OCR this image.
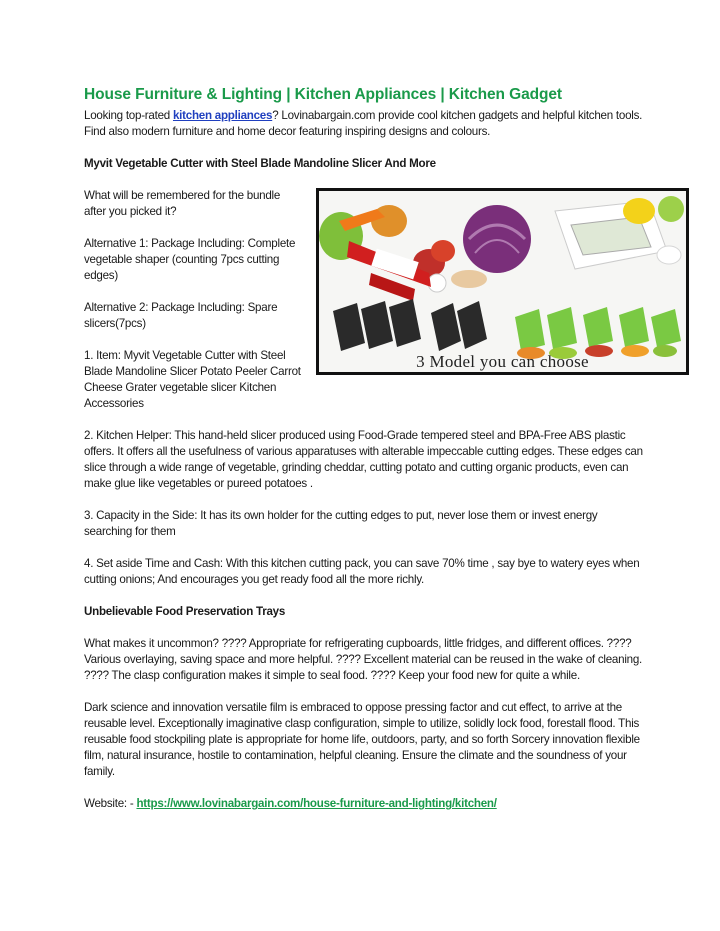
House Furniture & Lighting | Kitchen Appliances | Kitchen Gadget

Looking top-rated kitchen appliances? Lovinabargain.com provide cool kitchen gadgets and helpful kitchen tools. Find also modern furniture and home decor featuring inspiring designs and colours.

Myvit Vegetable Cutter with Steel Blade Mandoline Slicer And More

What will be remembered for the bundle after you picked it?

Alternative 1: Package Including: Complete vegetable shaper (counting 7pcs cutting edges)

Alternative 2: Package Including: Spare slicers(7pcs)

1. Item: Myvit Vegetable Cutter with Steel Blade Mandoline Slicer Potato Peeler Carrot Cheese Grater vegetable slicer Kitchen Accessories

3 Model you can choose

2. Kitchen Helper: This hand-held slicer produced using Food-Grade tempered steel and BPA-Free ABS plastic offers. It offers all the usefulness of various apparatuses with alterable impeccable cutting edges. These edges can slice through a wide range of vegetable, grinding cheddar, cutting potato and cutting organic products, even can make glue like vegetables or pureed potatoes .

3. Capacity in the Side: It has its own holder for the cutting edges to put, never lose them or invest energy searching for them

4. Set aside Time and Cash: With this kitchen cutting pack, you can save 70% time , say bye to watery eyes when cutting onions; And encourages you get ready food all the more richly.

Unbelievable Food Preservation Trays

What makes it uncommon? ???? Appropriate for refrigerating cupboards, little fridges, and different offices. ???? Various overlaying, saving space and more helpful. ???? Excellent material can be reused in the wake of cleaning. ???? The clasp configuration makes it simple to seal food. ???? Keep your food new for quite a while.

Dark science and innovation versatile film is embraced to oppose pressing factor and cut effect, to arrive at the reusable level. Exceptionally imaginative clasp configuration, simple to utilize, solidly lock food, forestall flood. This reusable food stockpiling plate is appropriate for home life, outdoors, party, and so forth Sorcery innovation flexible film, natural insurance, hostile to contamination, helpful cleaning. Ensure the climate and the soundness of your family.

Website: - https://www.lovinabargain.com/house-furniture-and-lighting/kitchen/
